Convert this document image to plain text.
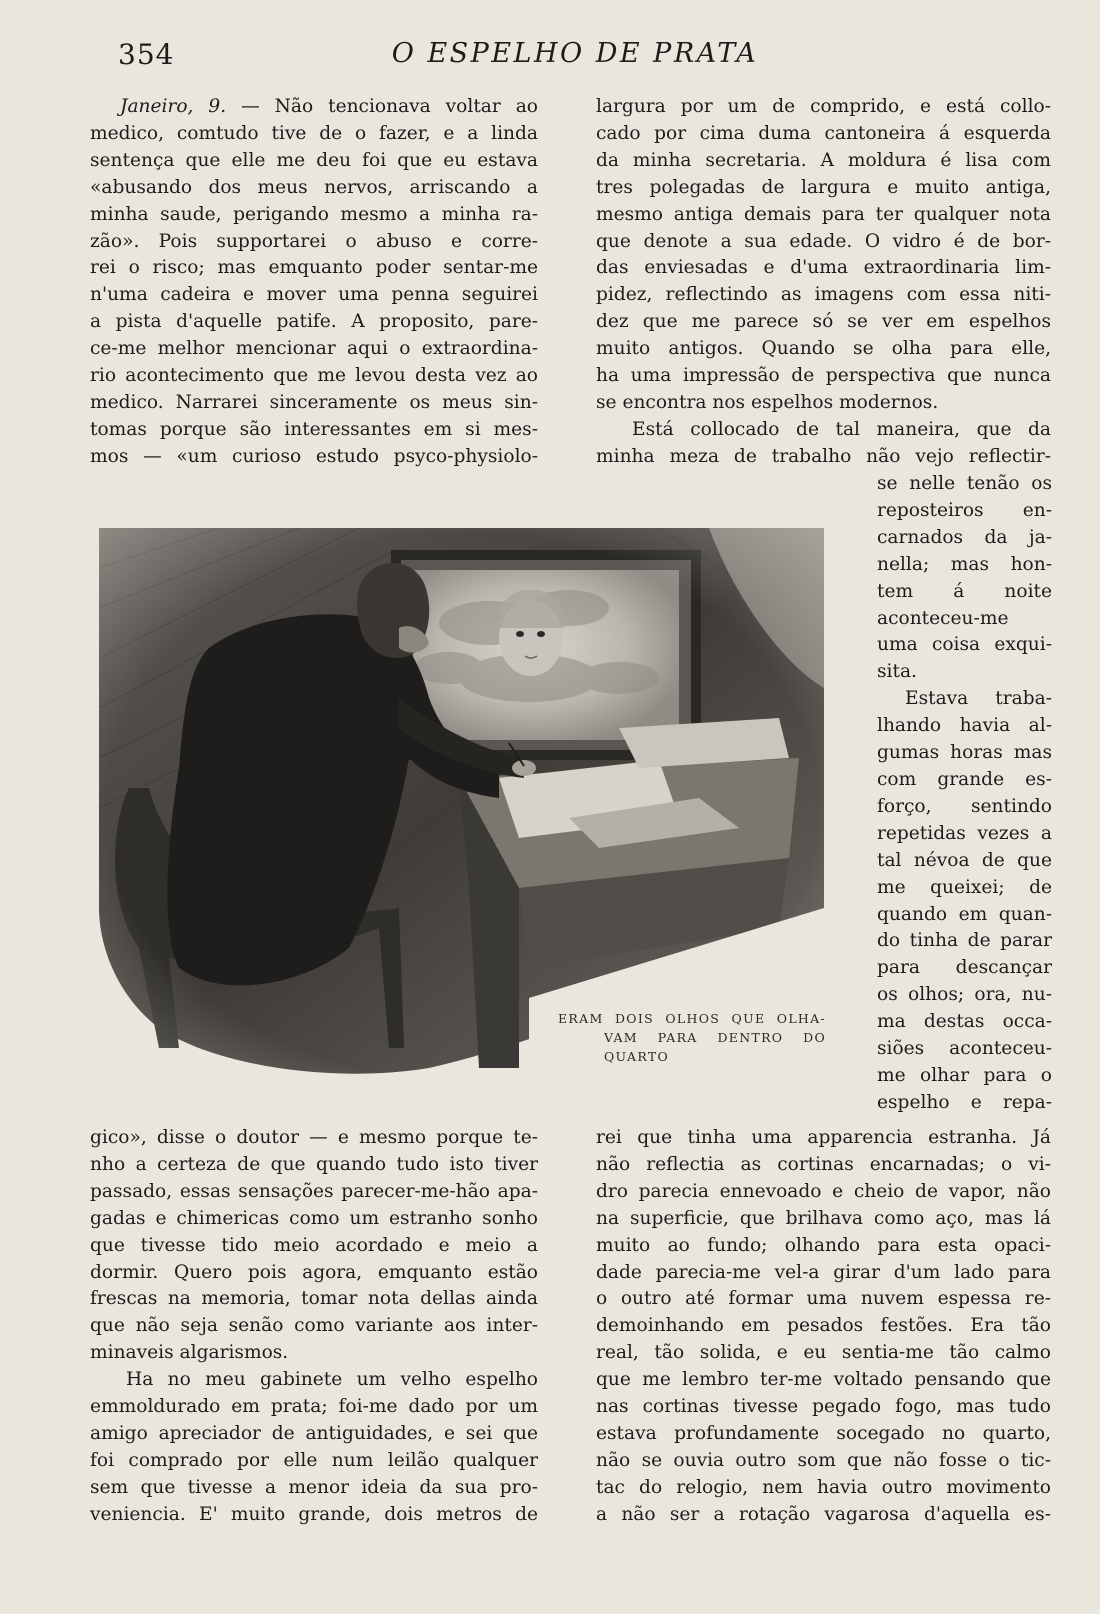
354	O ESPELHO DE PRATA
Janeiro, 9. — Não tencionava voltar ao
medico, comtudo tive de o fazer, e a linda
sentença que elle me deu foi que eu estava
«abusando dos meus nervos, arriscando a
minha saude, perigando mesmo a minha ra-
zão». Pois supportarei o abuso e corre-
rei o risco; mas emquanto poder sentar-me
n'uma cadeira e mover uma penna seguirei
a pista d'aquelle patife. A proposito, pare-
ce-me melhor mencionar aqui o extraordina-
rio acontecimento que me levou desta vez ao
medico. Narrarei sinceramente os meus sin-
tomas porque são interessantes em si mes-
mos — «um curioso estudo psyco-physiolo-
largura por um de comprido, e está collo-
cado por cima duma cantoneira á esquerda
da minha secretaria. A moldura é lisa com
tres polegadas de largura e muito antiga,
mesmo antiga demais para ter qualquer nota
que denote a sua edade. O vidro é de bor-
das enviesadas e d'uma extraordinaria lim-
pidez, reflectindo as imagens com essa niti-
dez que me parece só se ver em espelhos
muito antigos. Quando se olha para elle,
ha uma impressão de perspectiva que nunca
se encontra nos espelhos modernos.
Está collocado de tal maneira, que da
minha meza de trabalho não vejo reflectir-
se nelle tenão os
reposteiros en-
carnados da ja-
nella; mas hon-
tem á noite
aconteceu-me
uma coisa exqui-
sita.
Estava traba-
lhando havia al-
gumas horas mas
com grande es-
forço, sentindo
repetidas vezes a
tal névoa de que
me queixei; de
quando em quan-
do tinha de parar
para descançar
os olhos; ora, nu-
ma destas occa-
siões aconteceu-
me olhar para o
espelho e repa-
ERAM DOIS OLHOS QUE OLHA-
VAM PARA DENTRO DO
QUARTO
gico», disse o doutor — e mesmo porque te-
nho a certeza de que quando tudo isto tiver
passado, essas sensações parecer-me-hão apa-
gadas e chimericas como um estranho sonho
que tivesse tido meio acordado e meio a
dormir. Quero pois agora, emquanto estão
frescas na memoria, tomar nota dellas ainda
que não seja senão como variante aos inter-
minaveis algarismos.
Ha no meu gabinete um velho espelho
emmoldurado em prata; foi-me dado por um
amigo apreciador de antiguidades, e sei que
foi comprado por elle num leilão qualquer
sem que tivesse a menor ideia da sua pro-
veniencia. E' muito grande, dois metros de
rei que tinha uma apparencia estranha. Já
não reflectia as cortinas encarnadas; o vi-
dro parecia ennevoado e cheio de vapor, não
na superficie, que brilhava como aço, mas lá
muito ao fundo; olhando para esta opaci-
dade parecia-me vel-a girar d'um lado para
o outro até formar uma nuvem espessa re-
demoinhando em pesados festões. Era tão
real, tão solida, e eu sentia-me tão calmo
que me lembro ter-me voltado pensando que
nas cortinas tivesse pegado fogo, mas tudo
estava profundamente socegado no quarto,
não se ouvia outro som que não fosse o tic-
tac do relogio, nem havia outro movimento
a não ser a rotação vagarosa d'aquella es-
